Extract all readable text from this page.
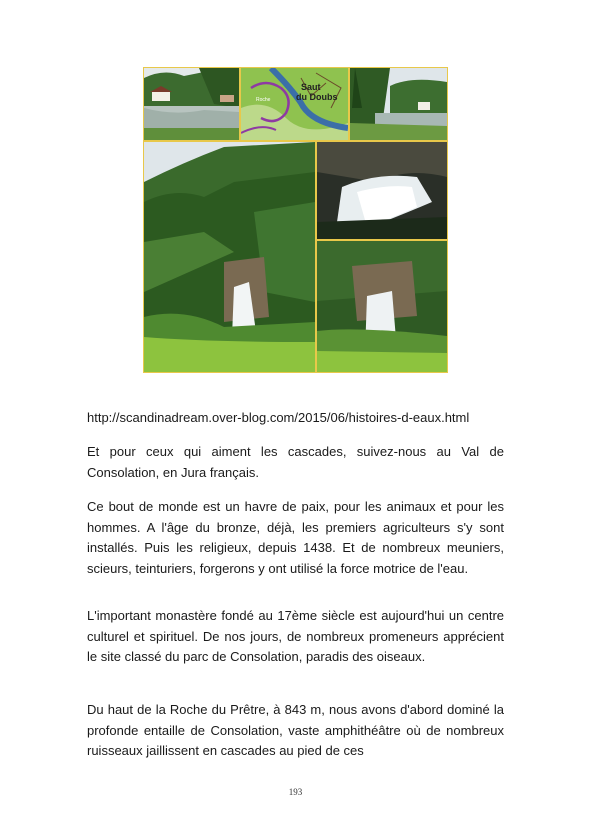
Saut
du Doubs
Roche

http://scandinadream.over-blog.com/2015/06/histoires-d-eaux.html

Et pour ceux qui aiment les cascades, suivez-nous au Val de Consolation, en Jura français.

Ce bout de monde est un havre de paix, pour les animaux et pour les hommes. A l'âge du bronze, déjà, les premiers agriculteurs s'y sont installés. Puis les religieux, depuis 1438. Et de nombreux meuniers, scieurs, teinturiers, forgerons y ont utilisé la force motrice de l'eau.

L'important monastère fondé au 17ème siècle est aujourd'hui un centre culturel et spirituel. De nos jours, de nombreux promeneurs apprécient le site classé du parc de Consolation, paradis des oiseaux.

Du haut de la Roche du Prêtre, à 843 m, nous avons d'abord dominé la profonde entaille de Consolation, vaste amphithéâtre où de nombreux ruisseaux jaillissent en cascades au pied de ces

193
